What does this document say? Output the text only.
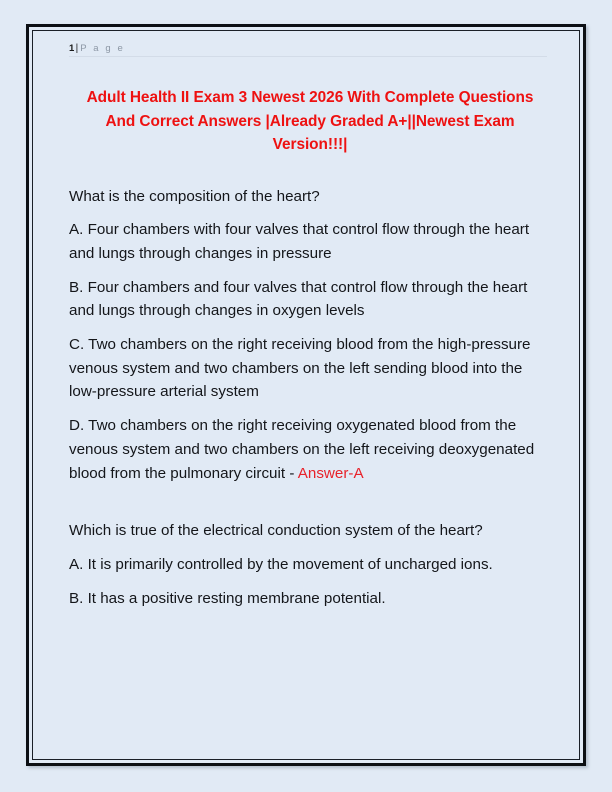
1| P a g e
Adult Health II Exam 3 Newest 2026 With Complete Questions And Correct Answers |Already Graded A+||Newest Exam Version!!!|

What is the composition of the heart?

A. Four chambers with four valves that control flow through the heart and lungs through changes in pressure

B. Four chambers and four valves that control flow through the heart and lungs through changes in oxygen levels

C. Two chambers on the right receiving blood from the high-pressure venous system and two chambers on the left sending blood into the low-pressure arterial system

D. Two chambers on the right receiving oxygenated blood from the venous system and two chambers on the left receiving deoxygenated blood from the pulmonary circuit - Answer-A

Which is true of the electrical conduction system of the heart?

A. It is primarily controlled by the movement of uncharged ions.

B. It has a positive resting membrane potential.
